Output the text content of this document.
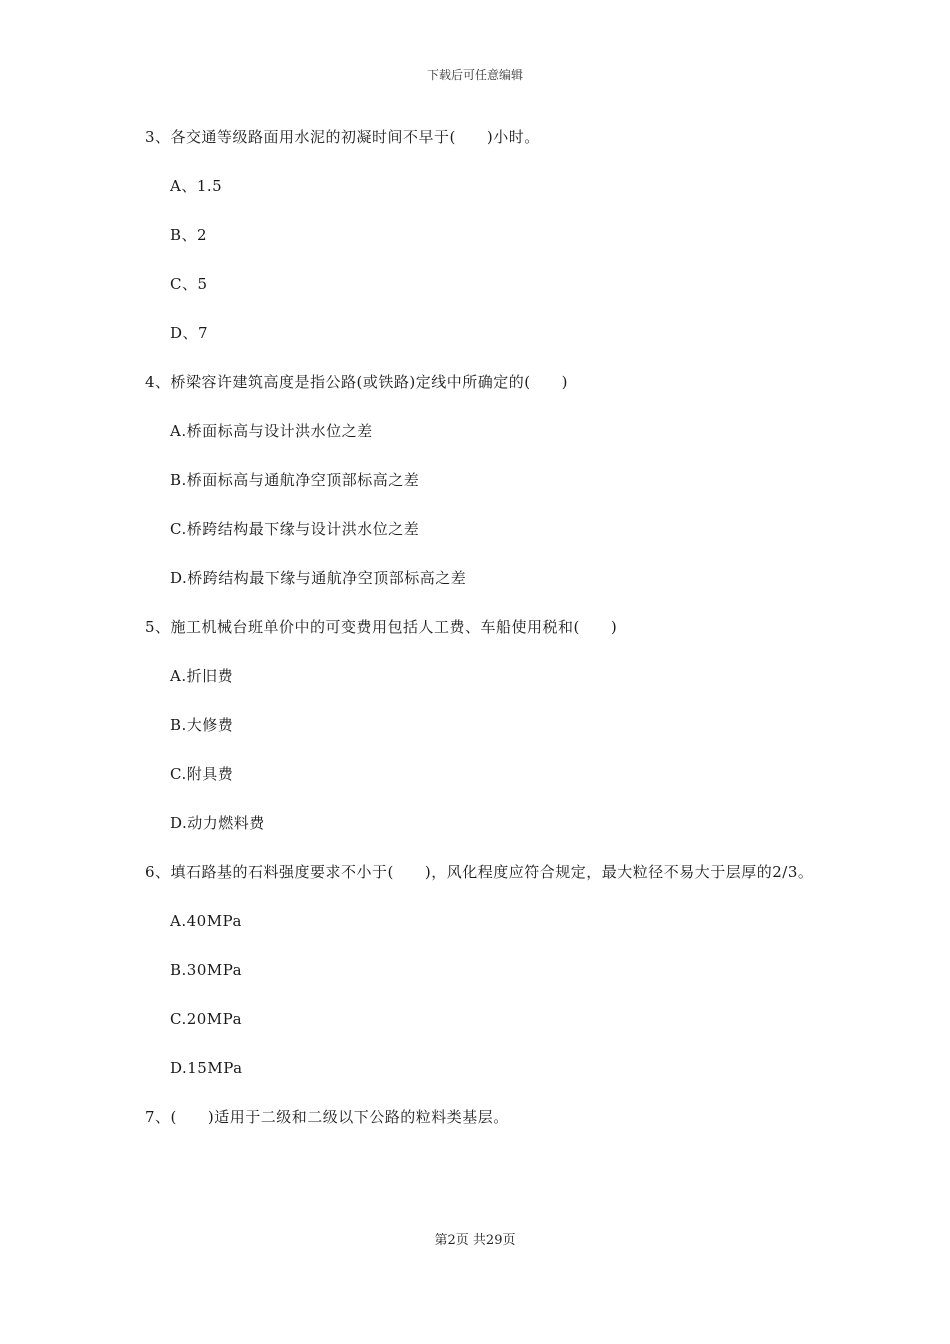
下载后可任意编辑

3、各交通等级路面用水泥的初凝时间不早于(　　)小时。

A、1.5
B、2
C、5
D、7

4、桥梁容许建筑高度是指公路(或铁路)定线中所确定的(　　)

A.桥面标高与设计洪水位之差
B.桥面标高与通航净空顶部标高之差
C.桥跨结构最下缘与设计洪水位之差
D.桥跨结构最下缘与通航净空顶部标高之差

5、施工机械台班单价中的可变费用包括人工费、车船使用税和(　　)

A.折旧费
B.大修费
C.附具费
D.动力燃料费

6、填石路基的石料强度要求不小于(　　)，风化程度应符合规定，最大粒径不易大于层厚的2/3。

A.40MPa
B.30MPa
C.20MPa
D.15MPa

7、(　　)适用于二级和二级以下公路的粒料类基层。

第2页 共29页
